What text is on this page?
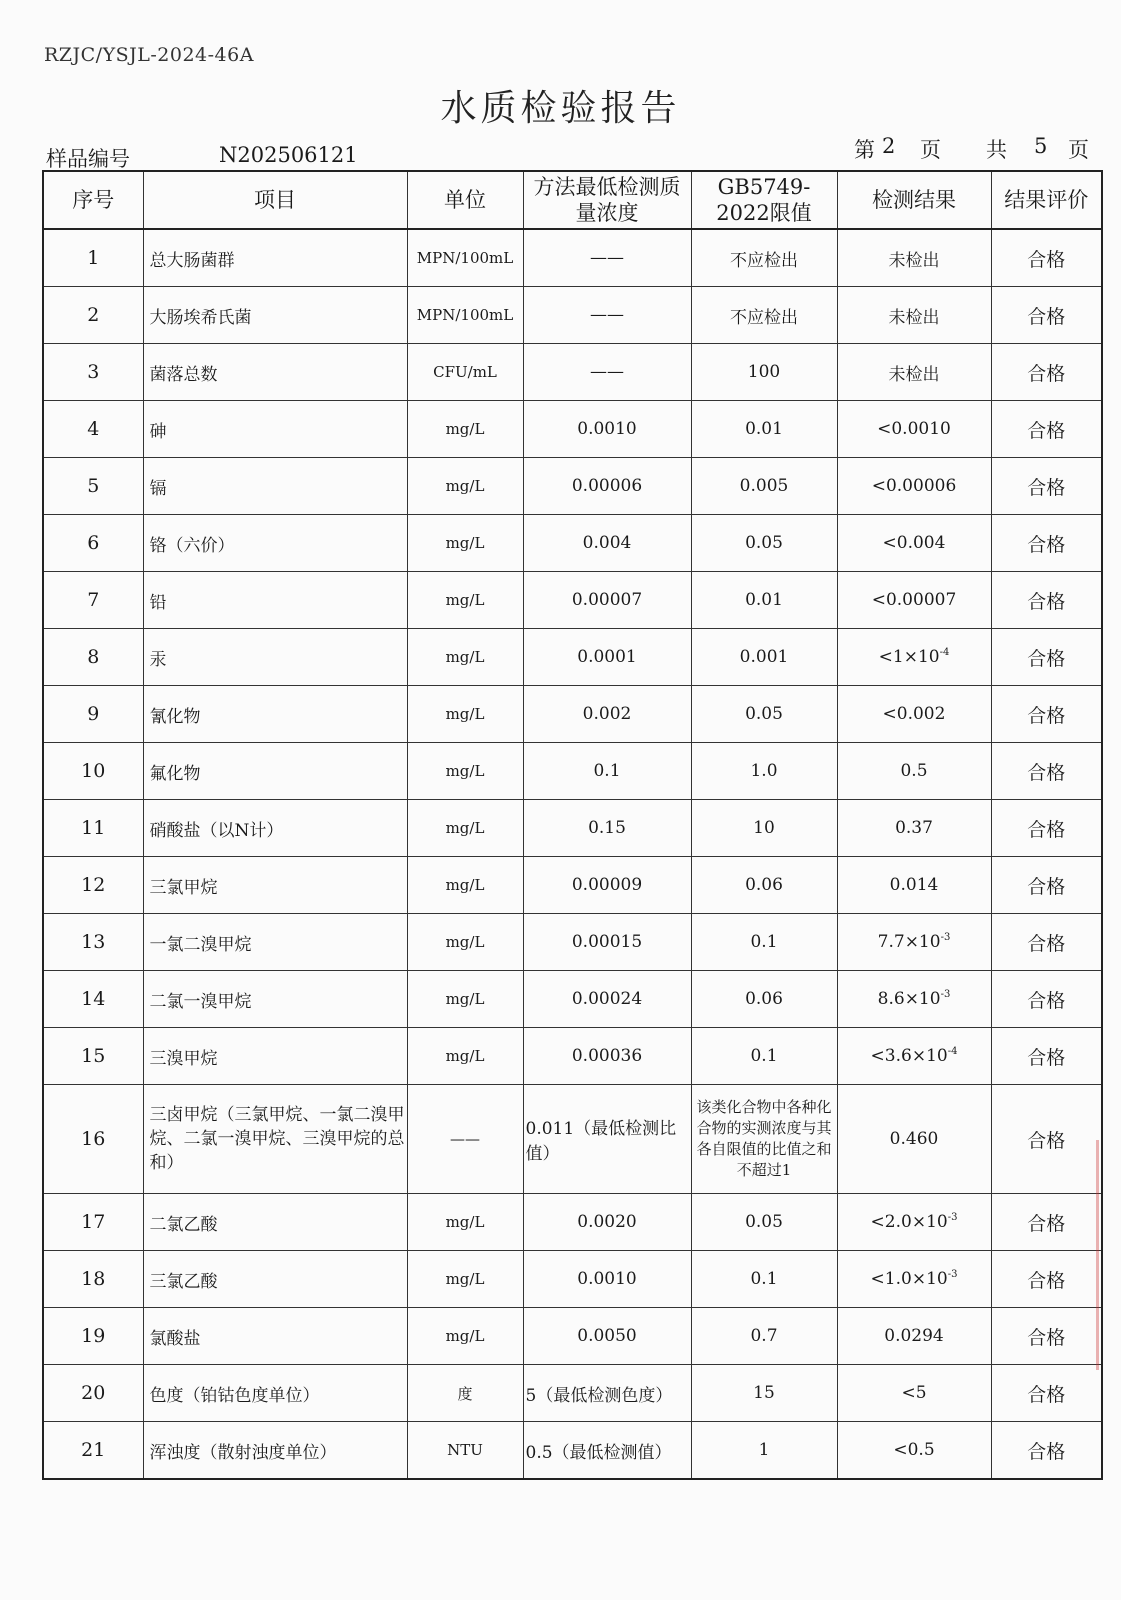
RZJC/YSJL-2024-46A
水质检验报告
样品编号	N202506121	第 2 页 共 5 页
序号	项目	单位	方法最低检测质量浓度	GB5749-2022限值	检测结果	结果评价
1	总大肠菌群	MPN/100mL	——	不应检出	未检出	合格
2	大肠埃希氏菌	MPN/100mL	——	不应检出	未检出	合格
3	菌落总数	CFU/mL	——	100	未检出	合格
4	砷	mg/L	0.0010	0.01	<0.0010	合格
5	镉	mg/L	0.00006	0.005	<0.00006	合格
6	铬（六价）	mg/L	0.004	0.05	<0.004	合格
7	铅	mg/L	0.00007	0.01	<0.00007	合格
8	汞	mg/L	0.0001	0.001	$<1\times 10^{-4}$	合格
9	氰化物	mg/L	0.002	0.05	<0.002	合格
10	氟化物	mg/L	0.1	1.0	0.5	合格
11	硝酸盐（以N计）	mg/L	0.15	10	0.37	合格
12	三氯甲烷	mg/L	0.00009	0.06	0.014	合格
13	一氯二溴甲烷	mg/L	0.00015	0.1	$7.7\times 10^{-3}$	合格
14	二氯一溴甲烷	mg/L	0.00024	0.06	$8.6\times 10^{-3}$	合格
15	三溴甲烷	mg/L	0.00036	0.1	$<3.6\times 10^{-4}$	合格
16	三卤甲烷（三氯甲烷、一氯二溴甲烷、二氯一溴甲烷、三溴甲烷的总和）	——	0.011（最低检测比值）	该类化合物中各种化合物的实测浓度与其各自限值的比值之和不超过1	0.460	合格
17	二氯乙酸	mg/L	0.0020	0.05	$<2.0\times 10^{-3}$	合格
18	三氯乙酸	mg/L	0.0010	0.1	$<1.0\times 10^{-3}$	合格
19	氯酸盐	mg/L	0.0050	0.7	0.0294	合格
20	色度（铂钴色度单位）	度	5（最低检测色度）	15	<5	合格
21	浑浊度（散射浊度单位）	NTU	0.5（最低检测值）	1	<0.5	合格
